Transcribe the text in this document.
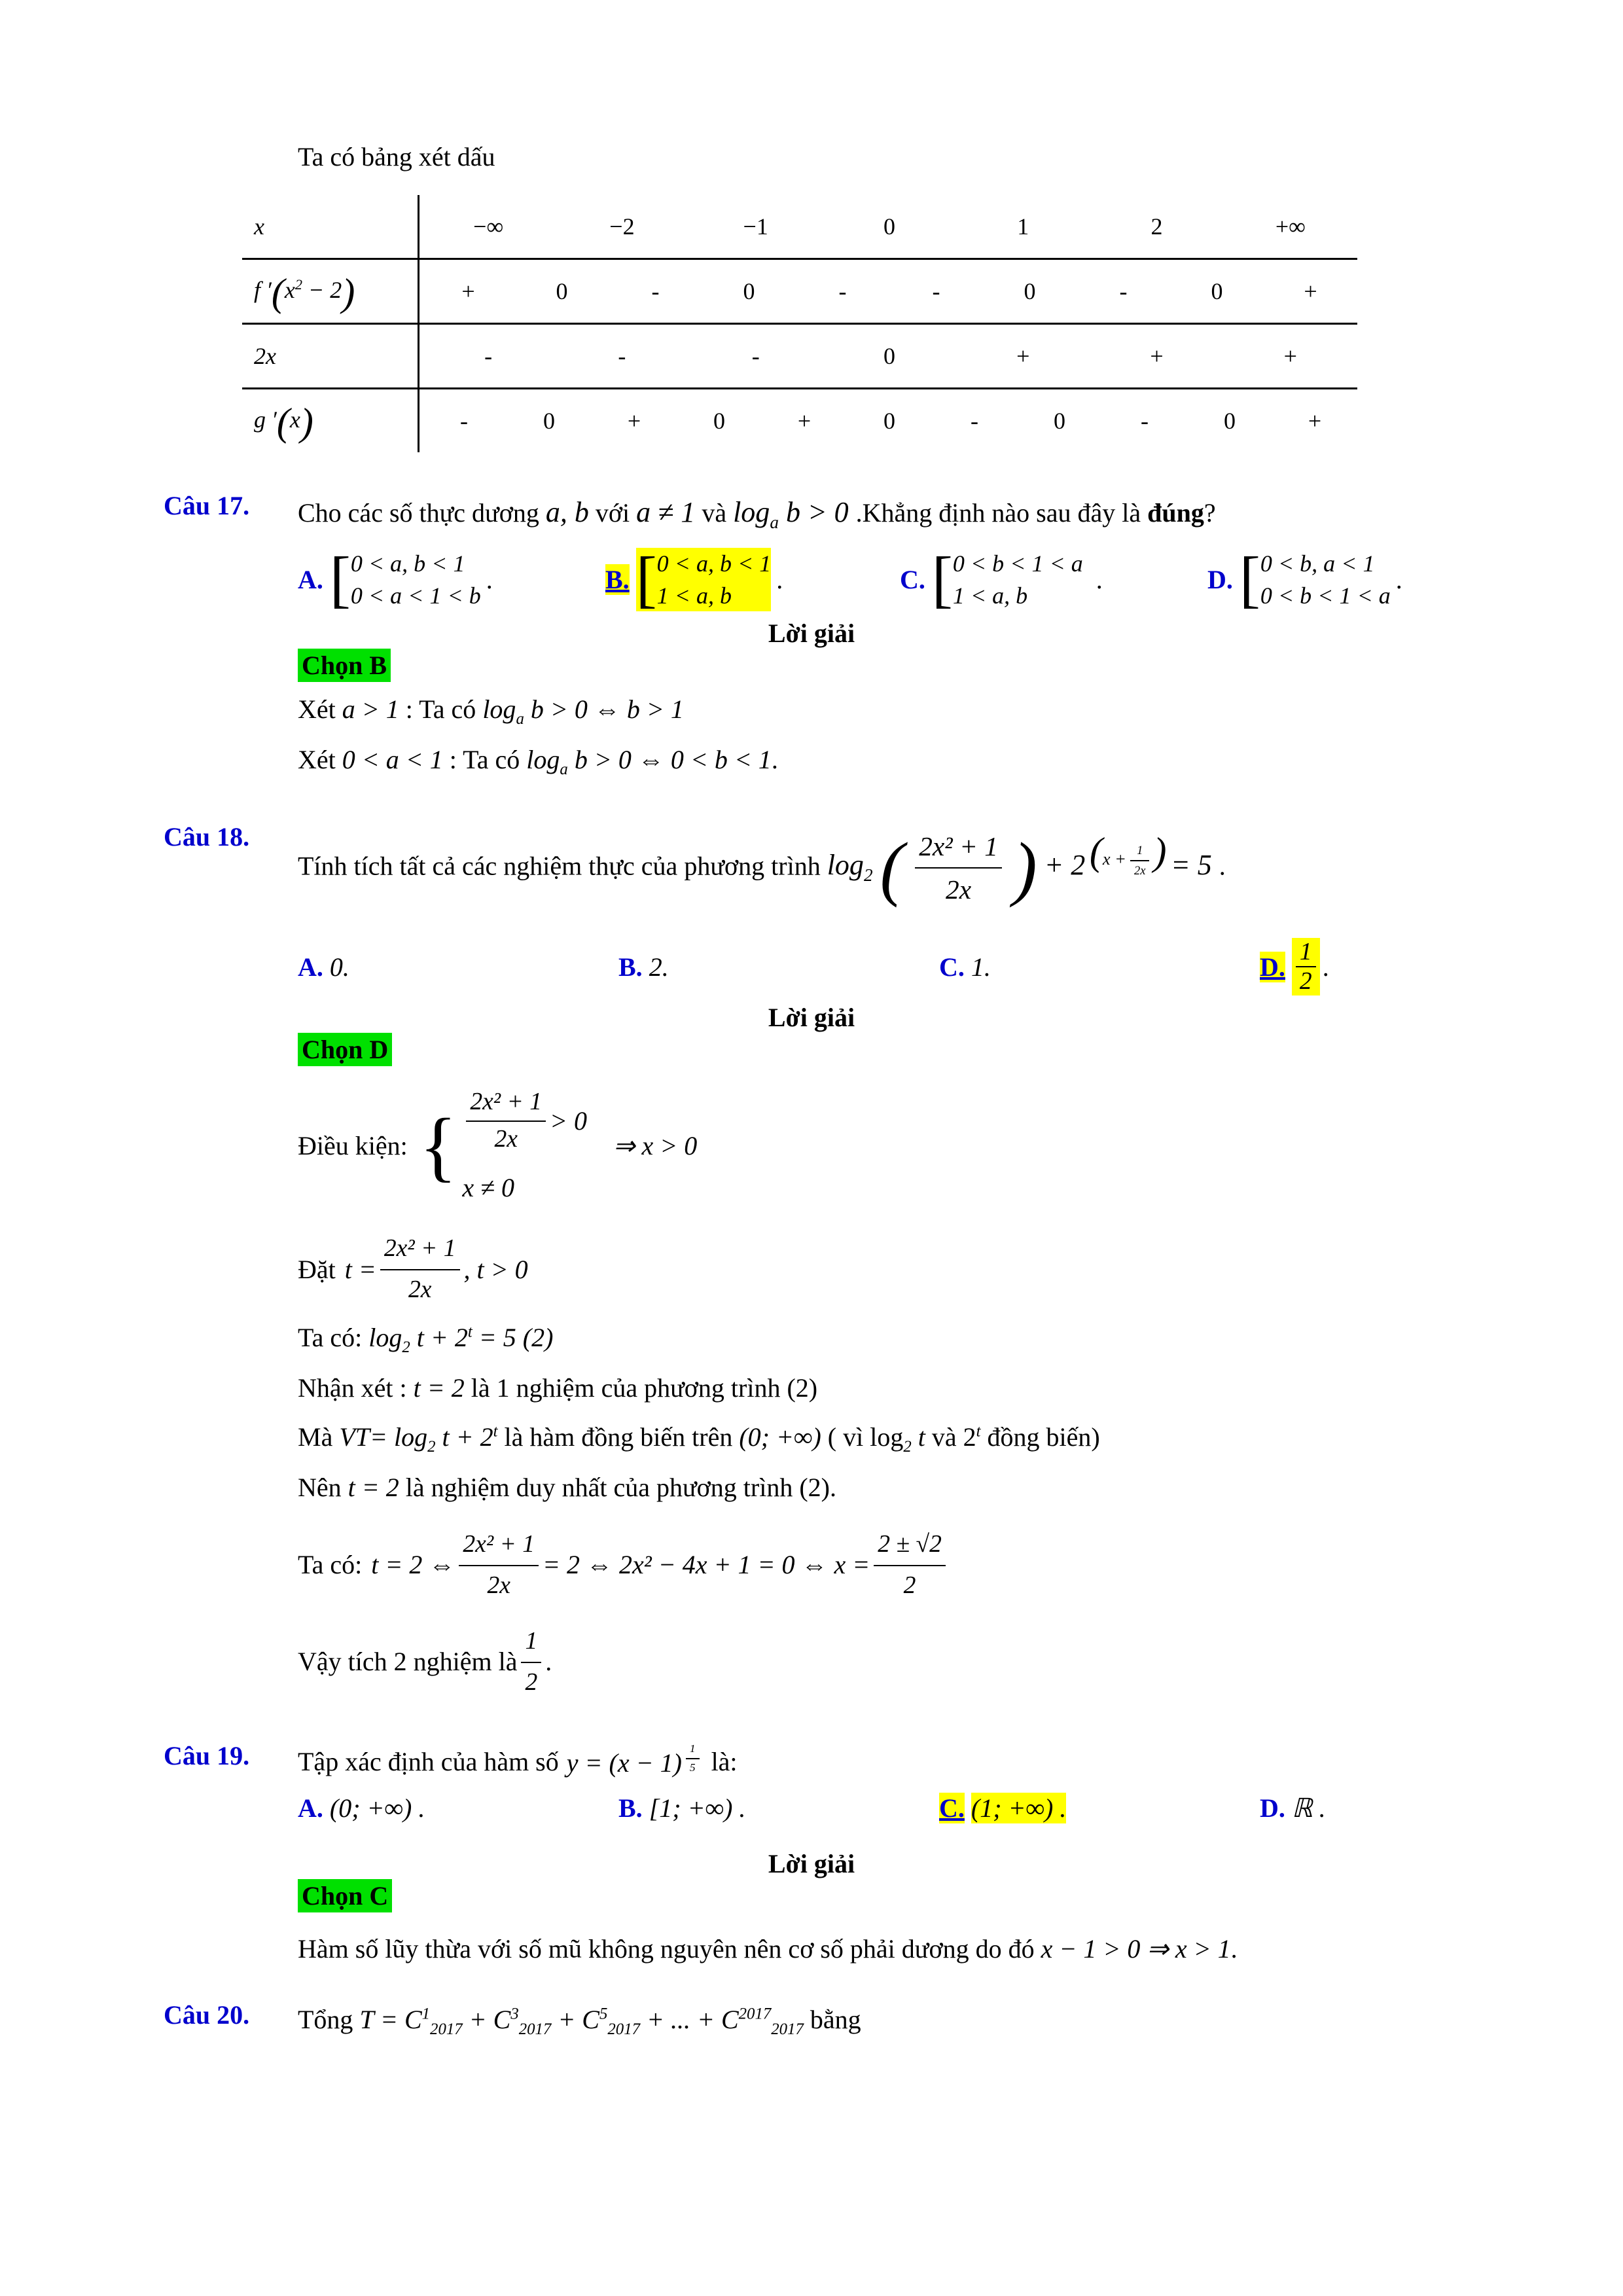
Ta có bảng xét dấu
x		−∞	−2	−1	0	1	2	+∞

f $'(x^2 - 2)$		+	0	-	0	-	-	0	-	0	+

2x		-	-	-	0	+	+	+

g ′(x)		-	0	+	0	+	0	-	0	-	0	+
Câu 17.	Cho các số thực dương a, b với a ≠ 1 và $\log_a b > 0$ .Khẳng định nào sau đây là đúng?
A. [ 0 < a, b < 1
0 < a < 1 < b
.	B. [ 0 < a, b < 1
1 < a, b
.	C. [ 0 < b < 1 < a
1 < a, b
.	D. [ 0 < b, a < 1
0 < b < 1 < a
.
Lời giải
Chọn B
Xét a > 1 : Ta có $\log_a b > 0$ ⇔ b > 1
Xét 0 < a < 1 : Ta có $\log_a b > 0$ ⇔ 0 < b < 1.
Câu 18.
Tính tích tất cả các nghiệm thực của phương trình $\log_2$ ( $\frac{\text{2x² + 1}}{2x}$ ) + 2 $^{(x + \frac{1}{2x} )}$ = 5 .
A. 0.	B. 2.	C. 1.	D. $\frac{1}{2}$ .
Lời giải
Chọn D
Điều kiện: { $\frac{\text{2x² + 1}}{2x} > 0$
x ≠ 0
⇒ x > 0
Đặt $t = \frac{\text{2x² + 1}}{2x}$ , t > 0
Ta có: $\log_2 t + 2^t = 5$ (2)
Nhận xét : t = 2 là 1 nghiệm của phương trình (2)
Mà $VT= \log_2 t + 2^t$ là hàm đồng biến trên (0; +∞) ( vì $\log_2 t$ và 2$^t$ đồng biến)
Nên t = 2 là nghiệm duy nhất của phương trình (2).
Ta có: t = 2 ⇔ $\frac{\text{2x² + 1}}{2x} = 2$ ⇔ 2x² − 4x + 1 = 0 ⇔ $x = \frac{2 \pm √2}{2}$
Vậy tích 2 nghiệm là $\frac{1}{2}$ .
Câu 19.	Tập xác định của hàm số y = (x − 1) $^{\frac{1}{5}}$ là:
A. (0; +∞) .	B. [1; +∞) .	C. (1; +∞) .	D. ℝ .
Lời giải
Chọn C
Hàm số lũy thừa với số mũ không nguyên nên cơ số phải dương do đó x − 1 > 0 ⇒ x > 1.
Câu 20.	Tổng $T = C^1_{2017} + C^3_{2017} + C^5_{2017}$ + ... + $C^{2017}_{2017}$ bằng
